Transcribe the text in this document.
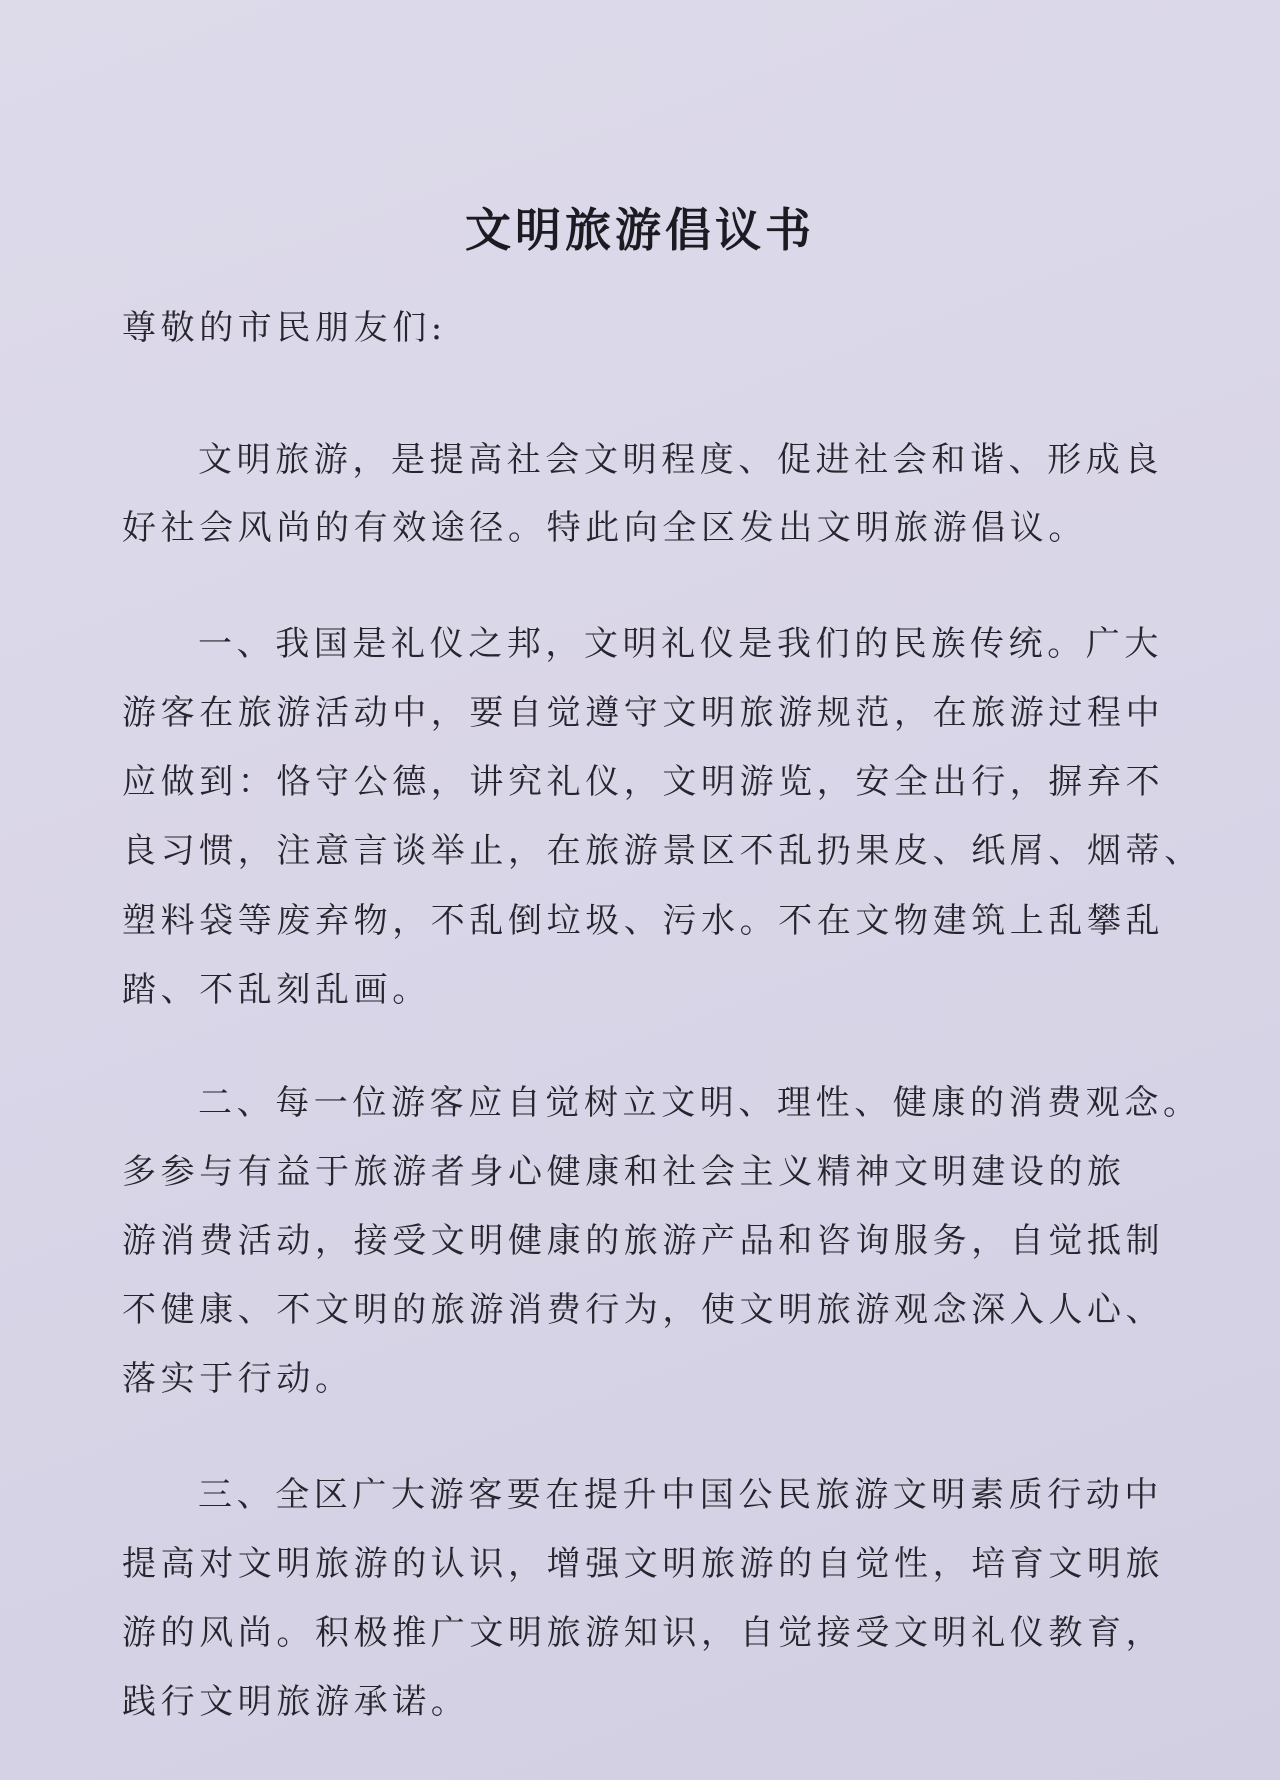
文明旅游倡议书

尊敬的市民朋友们:

文明旅游，是提高社会文明程度、促进社会和谐、形成良

好社会风尚的有效途径。特此向全区发出文明旅游倡议。

一、我国是礼仪之邦，文明礼仪是我们的民族传统。广大

游客在旅游活动中，要自觉遵守文明旅游规范，在旅游过程中

应做到：恪守公德，讲究礼仪，文明游览，安全出行，摒弃不

良习惯，注意言谈举止，在旅游景区不乱扔果皮、纸屑、烟蒂、

塑料袋等废弃物，不乱倒垃圾、污水。不在文物建筑上乱攀乱

踏、不乱刻乱画。

二、每一位游客应自觉树立文明、理性、健康的消费观念。

多参与有益于旅游者身心健康和社会主义精神文明建设的旅

游消费活动，接受文明健康的旅游产品和咨询服务，自觉抵制

不健康、不文明的旅游消费行为，使文明旅游观念深入人心、

落实于行动。

三、全区广大游客要在提升中国公民旅游文明素质行动中

提高对文明旅游的认识，增强文明旅游的自觉性，培育文明旅

游的风尚。积极推广文明旅游知识，自觉接受文明礼仪教育，

践行文明旅游承诺。
